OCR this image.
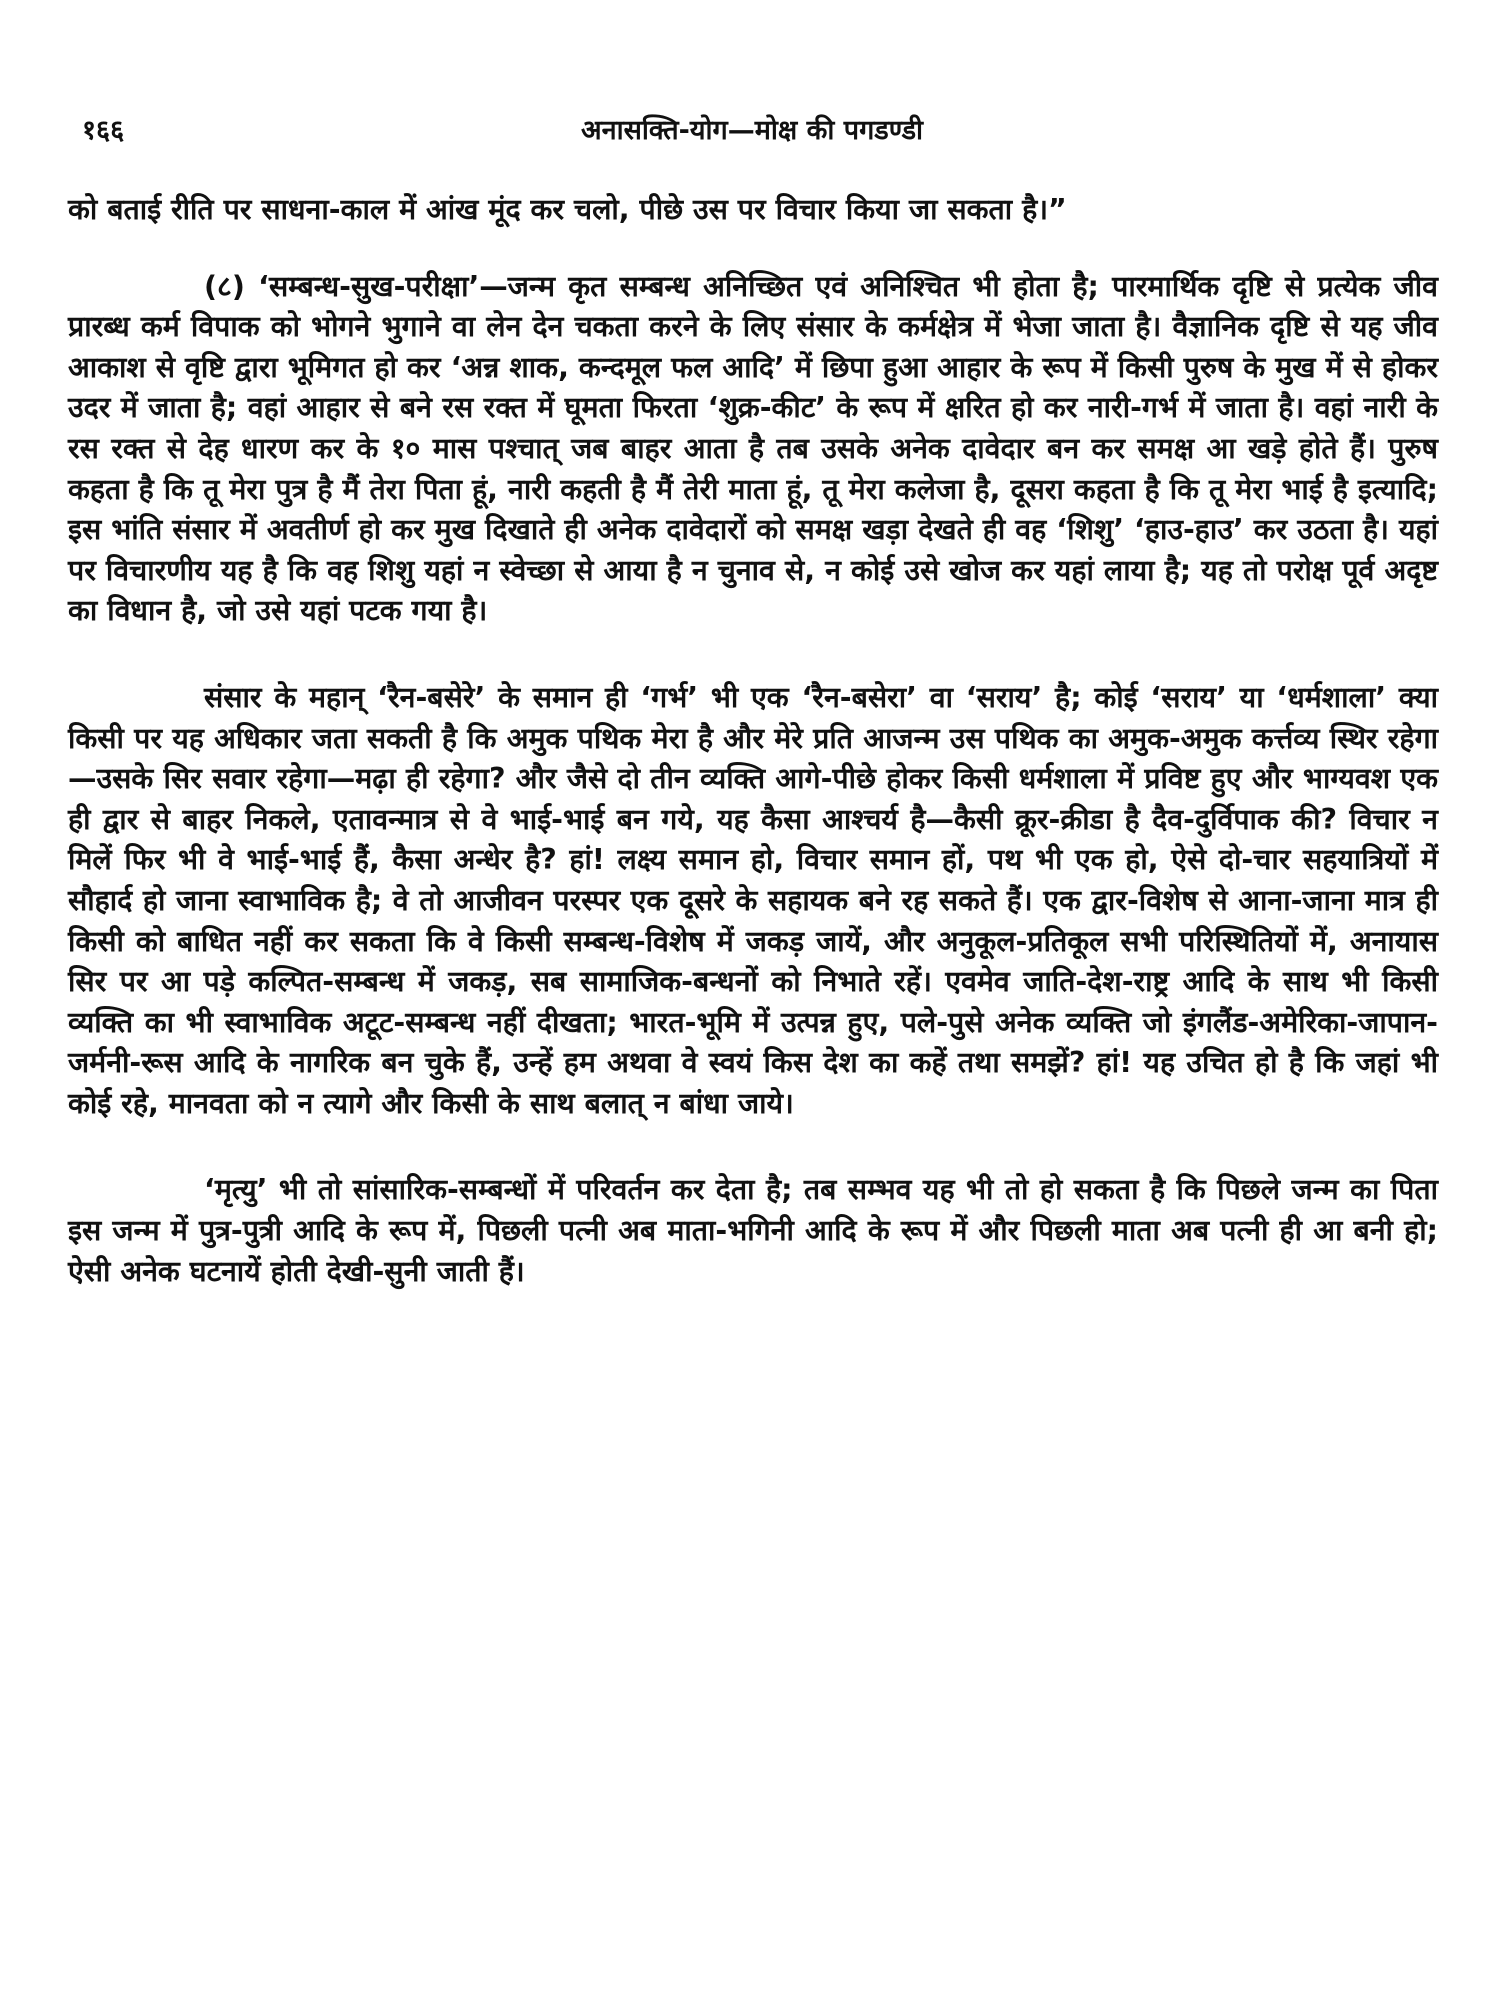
१६६	अनासक्ति-योग—मोक्ष की पगडण्डी

को बताई रीति पर साधना-काल में आंख मूंद कर चलो, पीछे उस पर विचार किया जा सकता है।”

(८) ‘सम्बन्ध-सुख-परीक्षा’—जन्म कृत सम्बन्ध अनिच्छित एवं अनिश्चित भी होता है; पारमार्थिक दृष्टि से प्रत्येक जीव प्रारब्ध कर्म विपाक को भोगने भुगाने वा लेन देन चकता करने के लिए संसार के कर्मक्षेत्र में भेजा जाता है। वैज्ञानिक दृष्टि से यह जीव आकाश से वृष्टि द्वारा भूमिगत हो कर ‘अन्न शाक, कन्दमूल फल आदि’ में छिपा हुआ आहार के रूप में किसी पुरुष के मुख में से होकर उदर में जाता है; वहां आहार से बने रस रक्त में घूमता फिरता ‘शुक्र-कीट’ के रूप में क्षरित हो कर नारी-गर्भ में जाता है। वहां नारी के रस रक्त से देह धारण कर के १० मास पश्चात् जब बाहर आता है तब उसके अनेक दावेदार बन कर समक्ष आ खड़े होते हैं। पुरुष कहता है कि तू मेरा पुत्र है मैं तेरा पिता हूं, नारी कहती है मैं तेरी माता हूं, तू मेरा कलेजा है, दूसरा कहता है कि तू मेरा भाई है इत्यादि; इस भांति संसार में अवतीर्ण हो कर मुख दिखाते ही अनेक दावेदारों को समक्ष खड़ा देखते ही वह ‘शिशु’ ‘हाउ-हाउ’ कर उठता है। यहां पर विचारणीय यह है कि वह शिशु यहां न स्वेच्छा से आया है न चुनाव से, न कोई उसे खोज कर यहां लाया है; यह तो परोक्ष पूर्व अदृष्ट का विधान है, जो उसे यहां पटक गया है।

संसार के महान् ‘रैन-बसेरे’ के समान ही ‘गर्भ’ भी एक ‘रैन-बसेरा’ वा ‘सराय’ है; कोई ‘सराय’ या ‘धर्मशाला’ क्या किसी पर यह अधिकार जता सकती है कि अमुक पथिक मेरा है और मेरे प्रति आजन्म उस पथिक का अमुक-अमुक कर्त्तव्य स्थिर रहेगा—उसके सिर सवार रहेगा—मढ़ा ही रहेगा? और जैसे दो तीन व्यक्ति आगे-पीछे होकर किसी धर्मशाला में प्रविष्ट हुए और भाग्यवश एक ही द्वार से बाहर निकले, एतावन्मात्र से वे भाई-भाई बन गये, यह कैसा आश्चर्य है—कैसी क्रूर-क्रीडा है दैव-दुर्विपाक की? विचार न मिलें फिर भी वे भाई-भाई हैं, कैसा अन्धेर है? हां! लक्ष्य समान हो, विचार समान हों, पथ भी एक हो, ऐसे दो-चार सहयात्रियों में सौहार्द हो जाना स्वाभाविक है; वे तो आजीवन परस्पर एक दूसरे के सहायक बने रह सकते हैं। एक द्वार-विशेष से आना-जाना मात्र ही किसी को बाधित नहीं कर सकता कि वे किसी सम्बन्ध-विशेष में जकड़ जायें, और अनुकूल-प्रतिकूल सभी परिस्थितियों में, अनायास सिर पर आ पड़े कल्पित-सम्बन्ध में जकड़, सब सामाजिक-बन्धनों को निभाते रहें। एवमेव जाति-देश-राष्ट्र आदि के साथ भी किसी व्यक्ति का भी स्वाभाविक अटूट-सम्बन्ध नहीं दीखता; भारत-भूमि में उत्पन्न हुए, पले-पुसे अनेक व्यक्ति जो इंगलैंड-अमेरिका-जापान-जर्मनी-रूस आदि के नागरिक बन चुके हैं, उन्हें हम अथवा वे स्वयं किस देश का कहें तथा समझें? हां! यह उचित हो है कि जहां भी कोई रहे, मानवता को न त्यागे और किसी के साथ बलात् न बांधा जाये।

‘मृत्यु’ भी तो सांसारिक-सम्बन्धों में परिवर्तन कर देता है; तब सम्भव यह भी तो हो सकता है कि पिछले जन्म का पिता इस जन्म में पुत्र-पुत्री आदि के रूप में, पिछली पत्नी अब माता-भगिनी आदि के रूप में और पिछली माता अब पत्नी ही आ बनी हो; ऐसी अनेक घटनायें होती देखी-सुनी जाती हैं।
